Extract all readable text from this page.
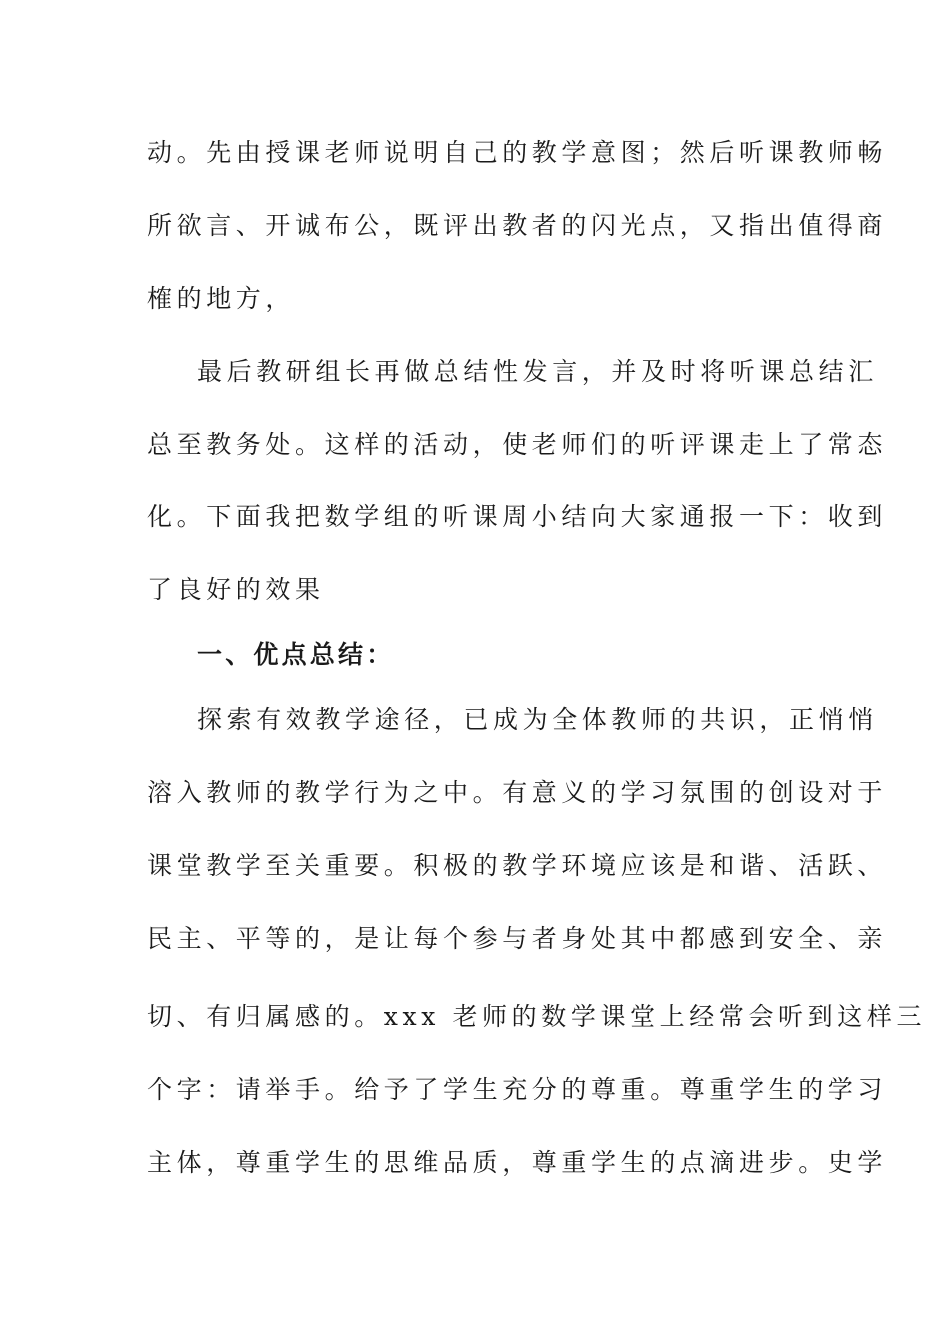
动。先由授课老师说明自己的教学意图；然后听课教师畅
所欲言、开诚布公，既评出教者的闪光点，又指出值得商
榷的地方，
最后教研组长再做总结性发言，并及时将听课总结汇
总至教务处。这样的活动，使老师们的听评课走上了常态
化。下面我把数学组的听课周小结向大家通报一下：收到
了良好的效果
一、优点总结：
探索有效教学途径，已成为全体教师的共识，正悄悄
溶入教师的教学行为之中。有意义的学习氛围的创设对于
课堂教学至关重要。积极的教学环境应该是和谐、活跃、
民主、平等的，是让每个参与者身处其中都感到安全、亲
切、有归属感的。xxx 老师的数学课堂上经常会听到这样三
个字：请举手。给予了学生充分的尊重。尊重学生的学习
主体，尊重学生的思维品质，尊重学生的点滴进步。史学
